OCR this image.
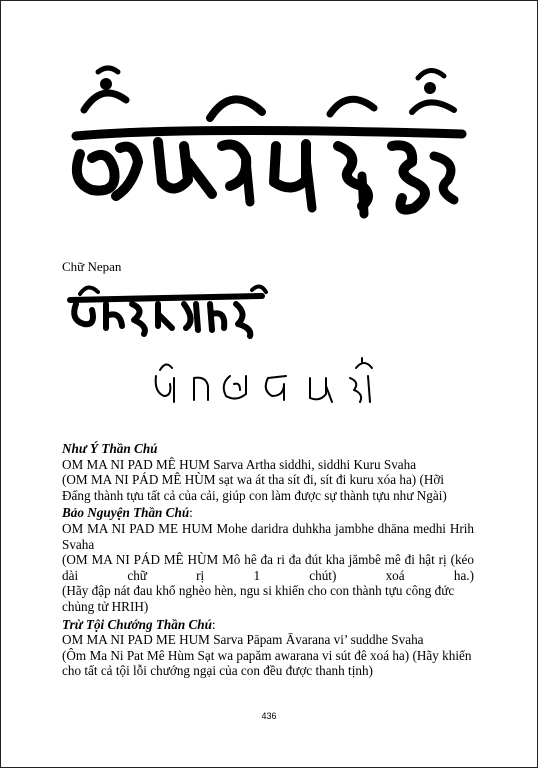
Chữ Nepan

Như Ý Thần Chú

OM MA NI PAD MÊ HUM Sarva Artha siddhi, siddhi Kuru Svaha

(OM MA NI PÁD MÊ HÙM sạt wa át tha sít đi, sít đi kuru xóa ha) (Hỡi Đấng thành tựu tất cả của cải, giúp con làm được sự thành tựu như Ngài)

Bảo Nguyện Thần Chú:

OM MA NI PAD ME HUM Mohe daridra duhkha jambhe dhāna medhi Hrih Svaha

(OM MA NI PÁD MÊ HÙM Mô hê đa ri đa đút kha jămbê mê đi hật rị (kéo dài chữ rị 1 chút) xoá ha.)

(Hãy đập nát đau khổ nghèo hèn, ngu si khiến cho con thành tựu công đức chủng tử HRIH)

Trừ Tội Chướng Thần Chú:

OM MA NI PAD ME HUM Sarva Pāpam Āvarana vi’ suddhe Svaha

(Ôm Ma Ni Pat Mê Hùm Sạt wa papăm awarana vi sút đê xoá ha) (Hãy khiến cho tất cả tội lỗi chướng ngại của con đều được thanh tịnh)

436
